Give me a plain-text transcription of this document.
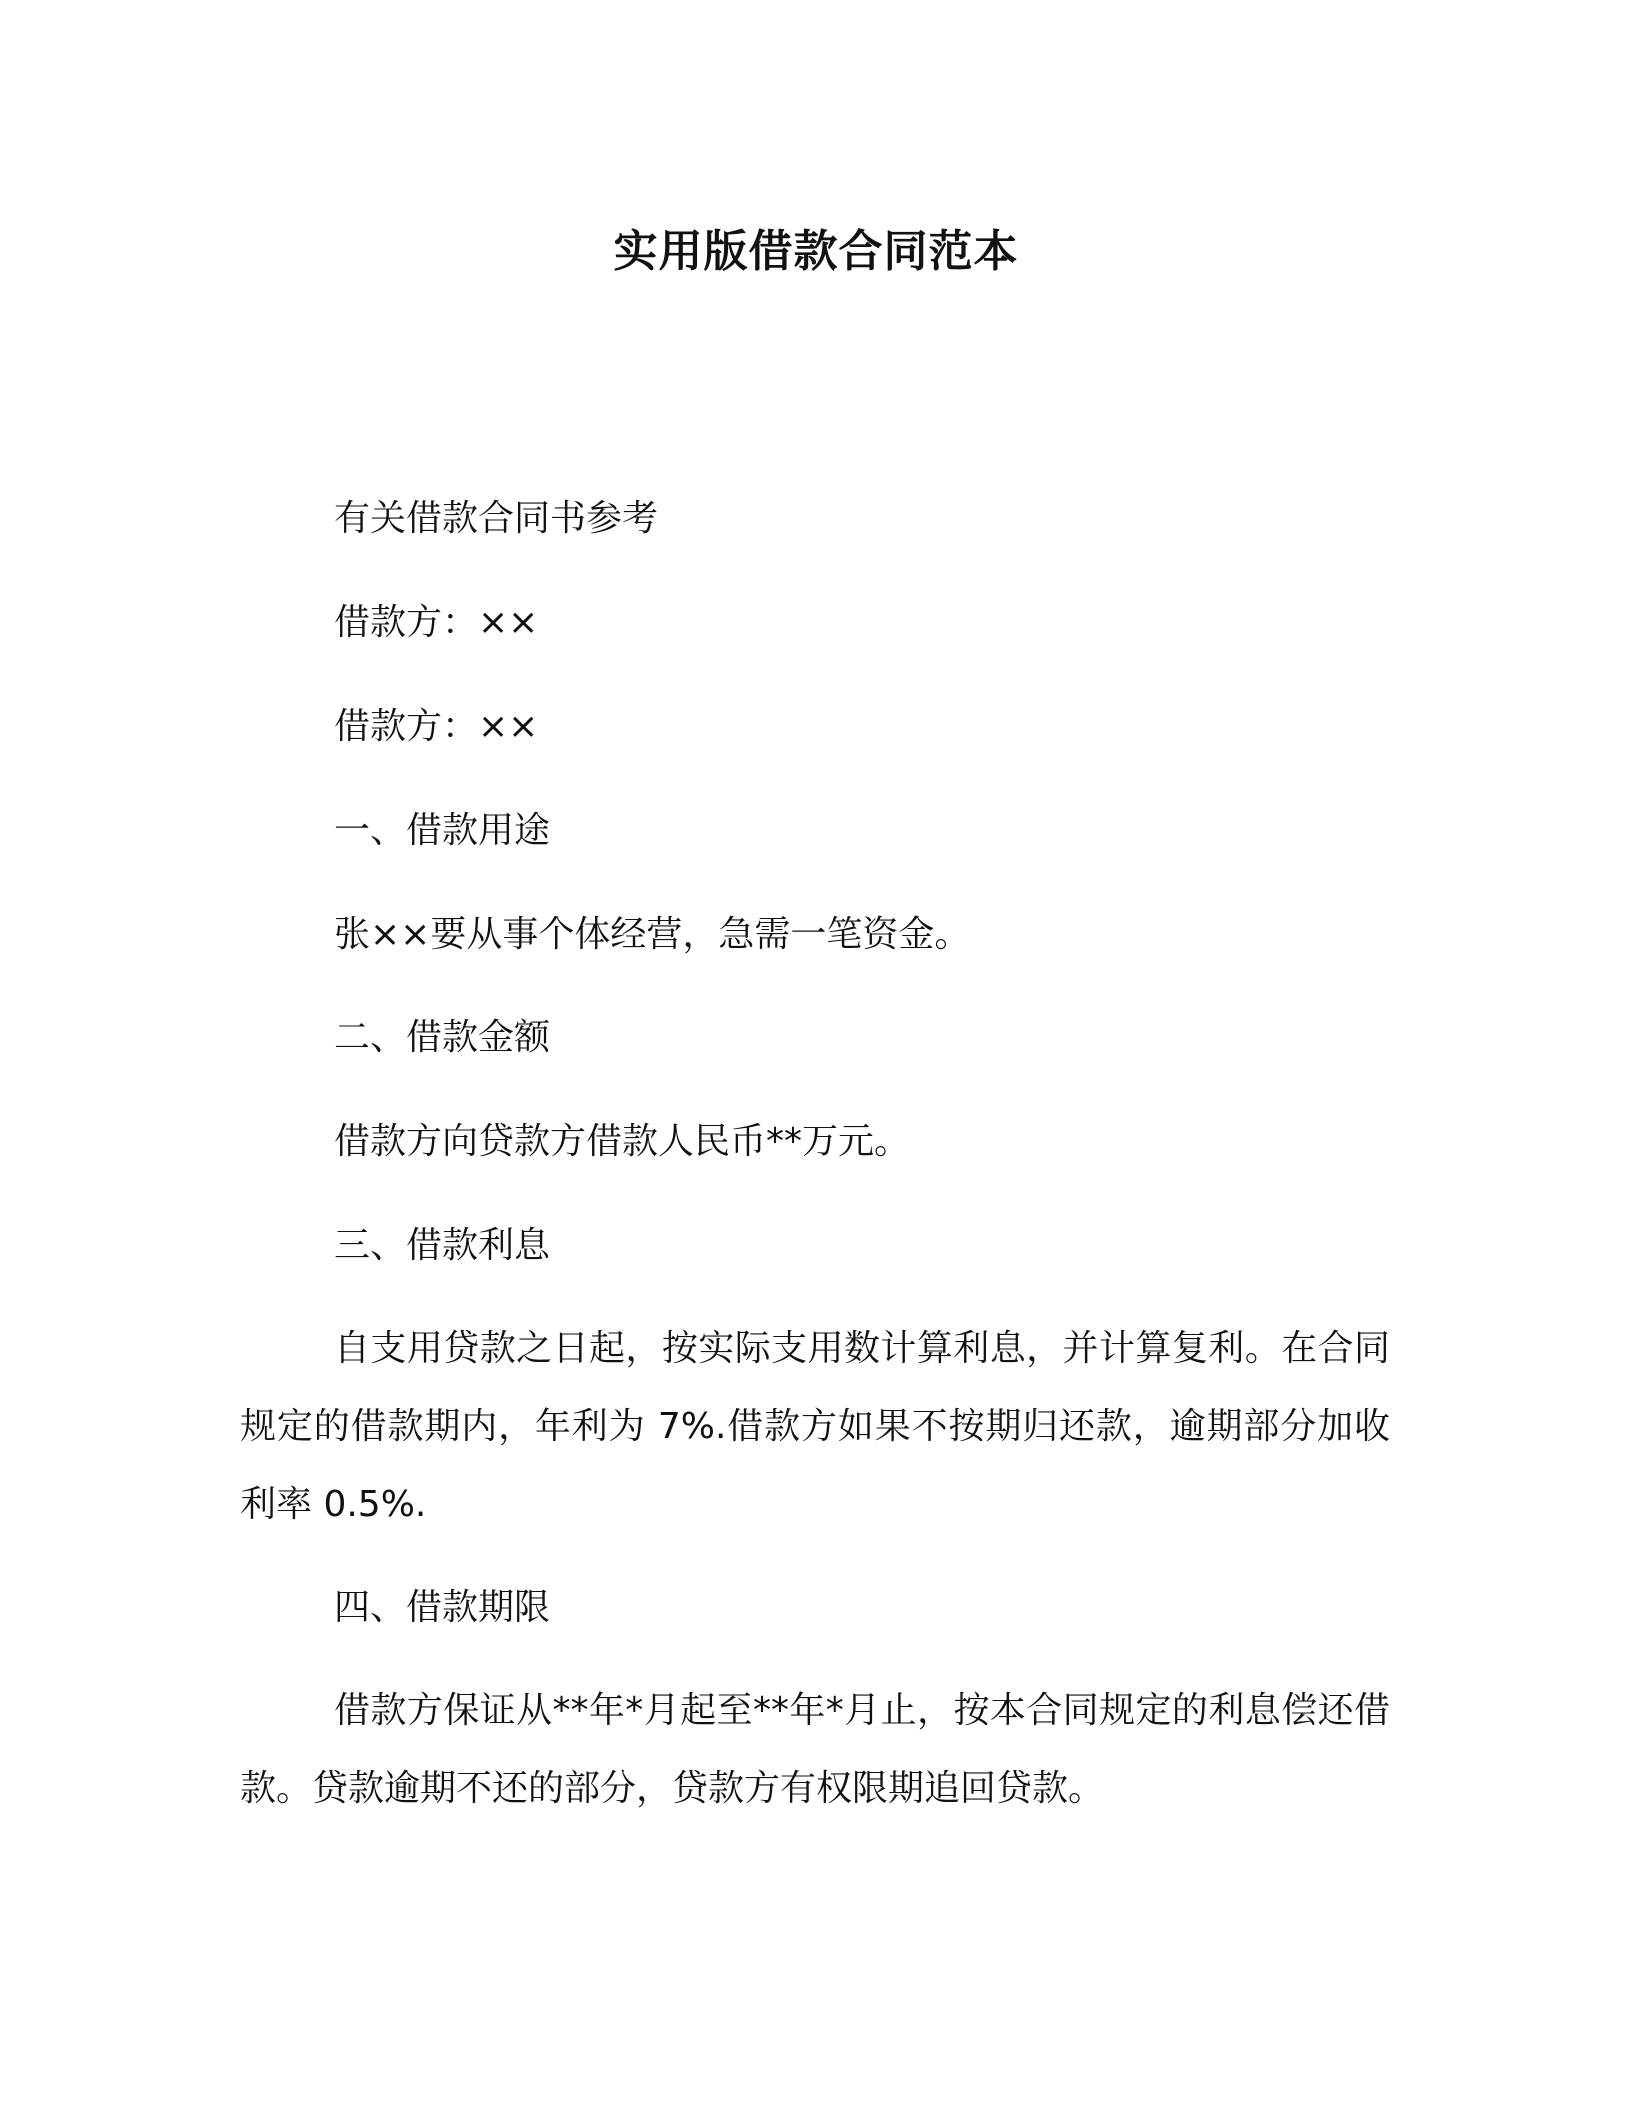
实用版借款合同范本
有关借款合同书参考
借款方：××
借款方：××
一、借款用途
张××要从事个体经营，急需一笔资金。
二、借款金额
借款方向贷款方借款人民币**万元。
三、借款利息

自支用贷款之日起，按实际支用数计算利息，并计算复利。在合同规定的借款期内，年利为 7%.借款方如果不按期归还款，逾期部分加收利率 0.5%.

四、借款期限

借款方保证从**年*月起至**年*月止，按本合同规定的利息偿还借款。贷款逾期不还的部分，贷款方有权限期追回贷款。
